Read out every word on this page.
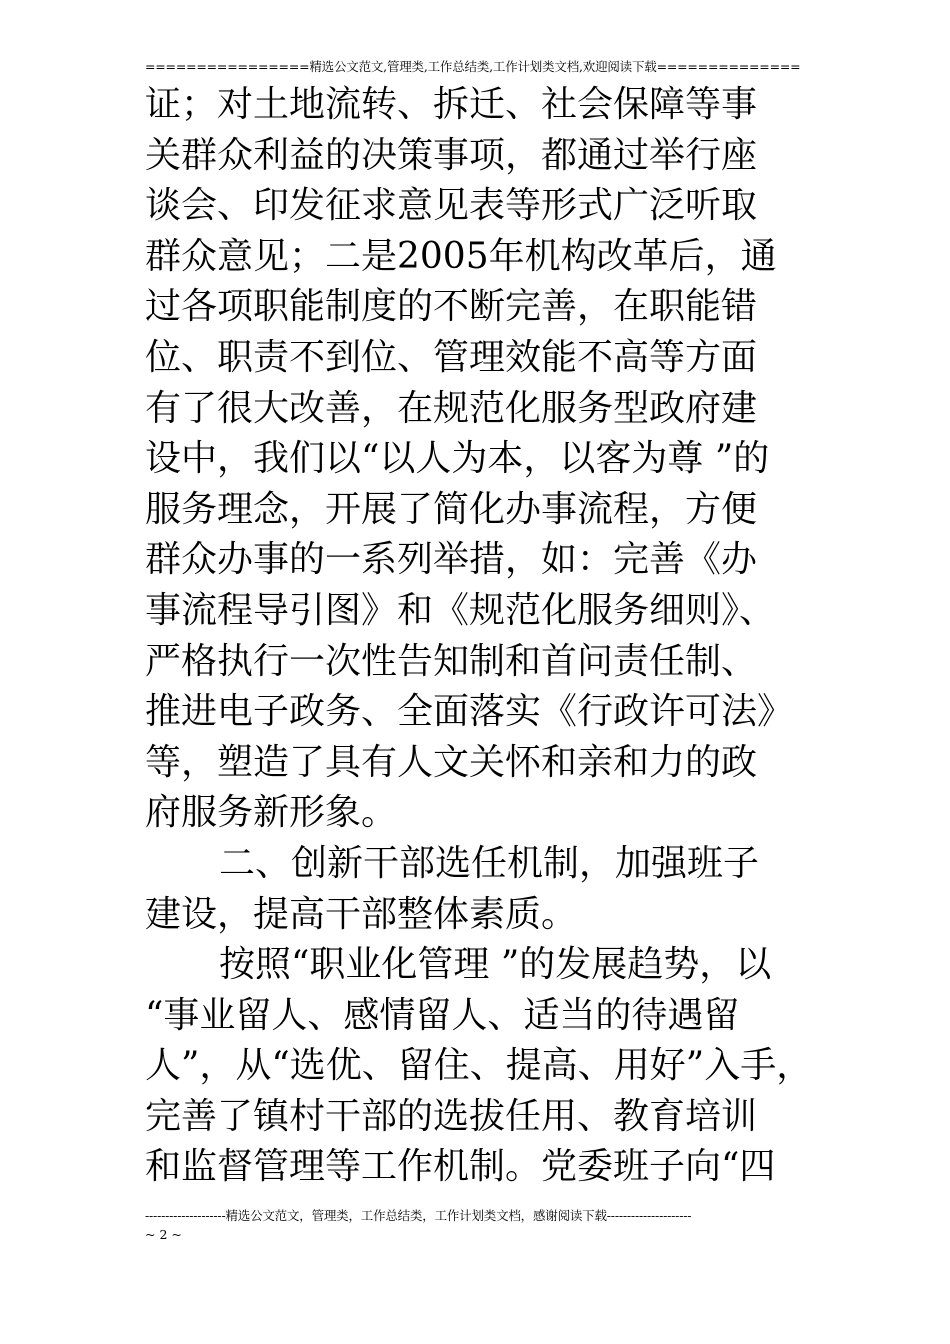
================精选公文范文,管理类,工作总结类,工作计划类文档,欢迎阅读下载==============
证；对土地流转、拆迁、社会保障等事
关群众利益的决策事项，都通过举行座
谈会、印发征求意见表等形式广泛听取
群众意见；二是2005年机构改革后，通
过各项职能制度的不断完善，在职能错
位、职责不到位、管理效能不高等方面
有了很大改善，在规范化服务型政府建
设中，我们以“以人为本，以客为尊 ”的
服务理念，开展了简化办事流程，方便
群众办事的一系列举措，如：完善《办
事流程导引图》和《规范化服务细则》、
严格执行一次性告知制和首问责任制、
推进电子政务、全面落实《行政许可法》
等，塑造了具有人文关怀和亲和力的政
府服务新形象。
二、创新干部选任机制，加强班子
建设，提高干部整体素质。
按照“职业化管理 ”的发展趋势，以
“事业留人、感情留人、适当的待遇留
人”，从“选优、留住、提高、用好”入手，
完善了镇村干部的选拔任用、教育培训
和监督管理等工作机制。党委班子向“四
--------------------精选公文范文，管理类，工作总结类，工作计划类文档，感谢阅读下载---------------------
~ 2 ~
